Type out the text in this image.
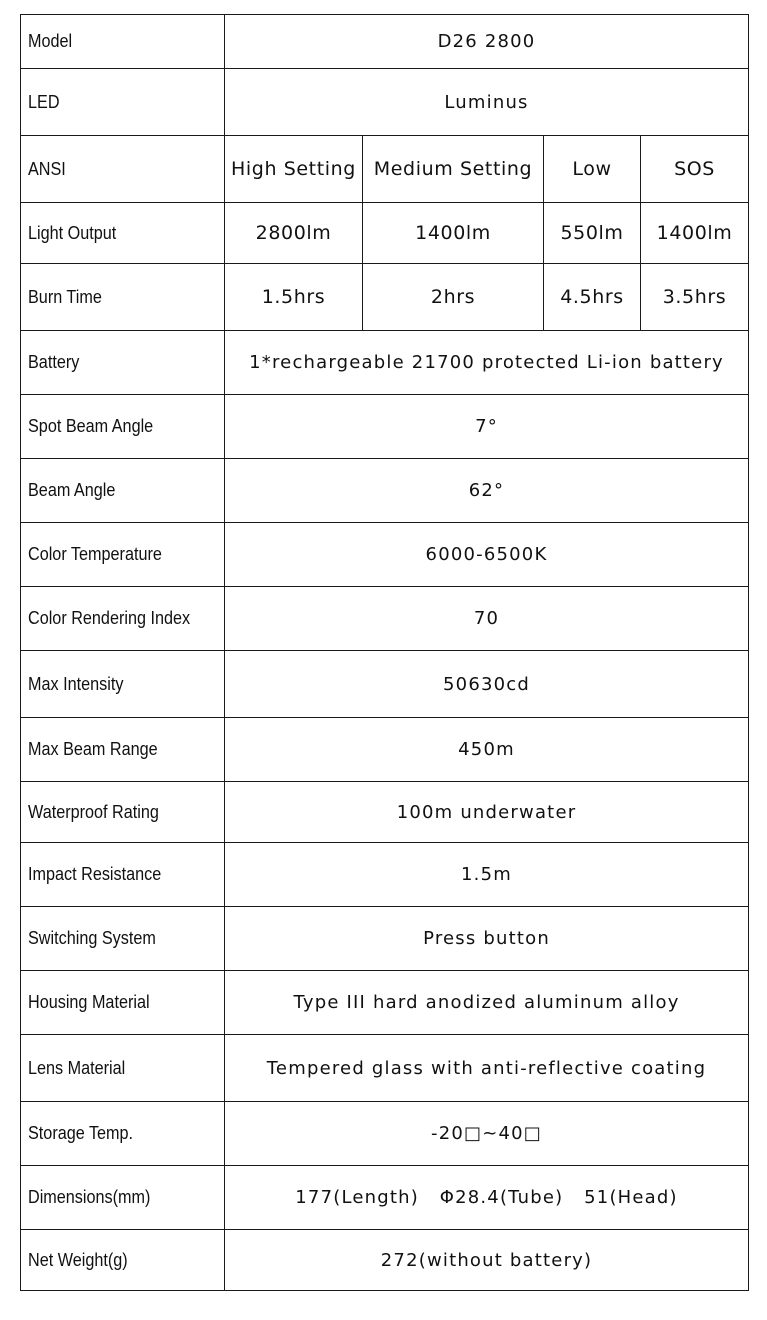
Model	D26 2800			
LED	Luminus			
ANSI	High Setting	Medium Setting	Low	SOS
Light Output	2800lm	1400lm	550lm	1400lm
Burn Time	1.5hrs	2hrs	4.5hrs	3.5hrs
Battery	1*rechargeable 21700 protected Li-ion battery			
Spot Beam Angle	7°			
Beam Angle	62°			
Color Temperature	6000-6500K			
Color Rendering Index	70			
Max Intensity	50630cd			
Max Beam Range	450m			
Waterproof Rating	100m underwater			
Impact Resistance	1.5m			
Switching System	Press button			
Housing Material	Type III hard anodized aluminum alloy			
Lens Material	Tempered glass with anti-reflective coating			
Storage Temp.	-20□~40□			
Dimensions(mm)	177(Length)   Φ28.4(Tube)   51(Head)			
Net Weight(g)	272(without battery)			
